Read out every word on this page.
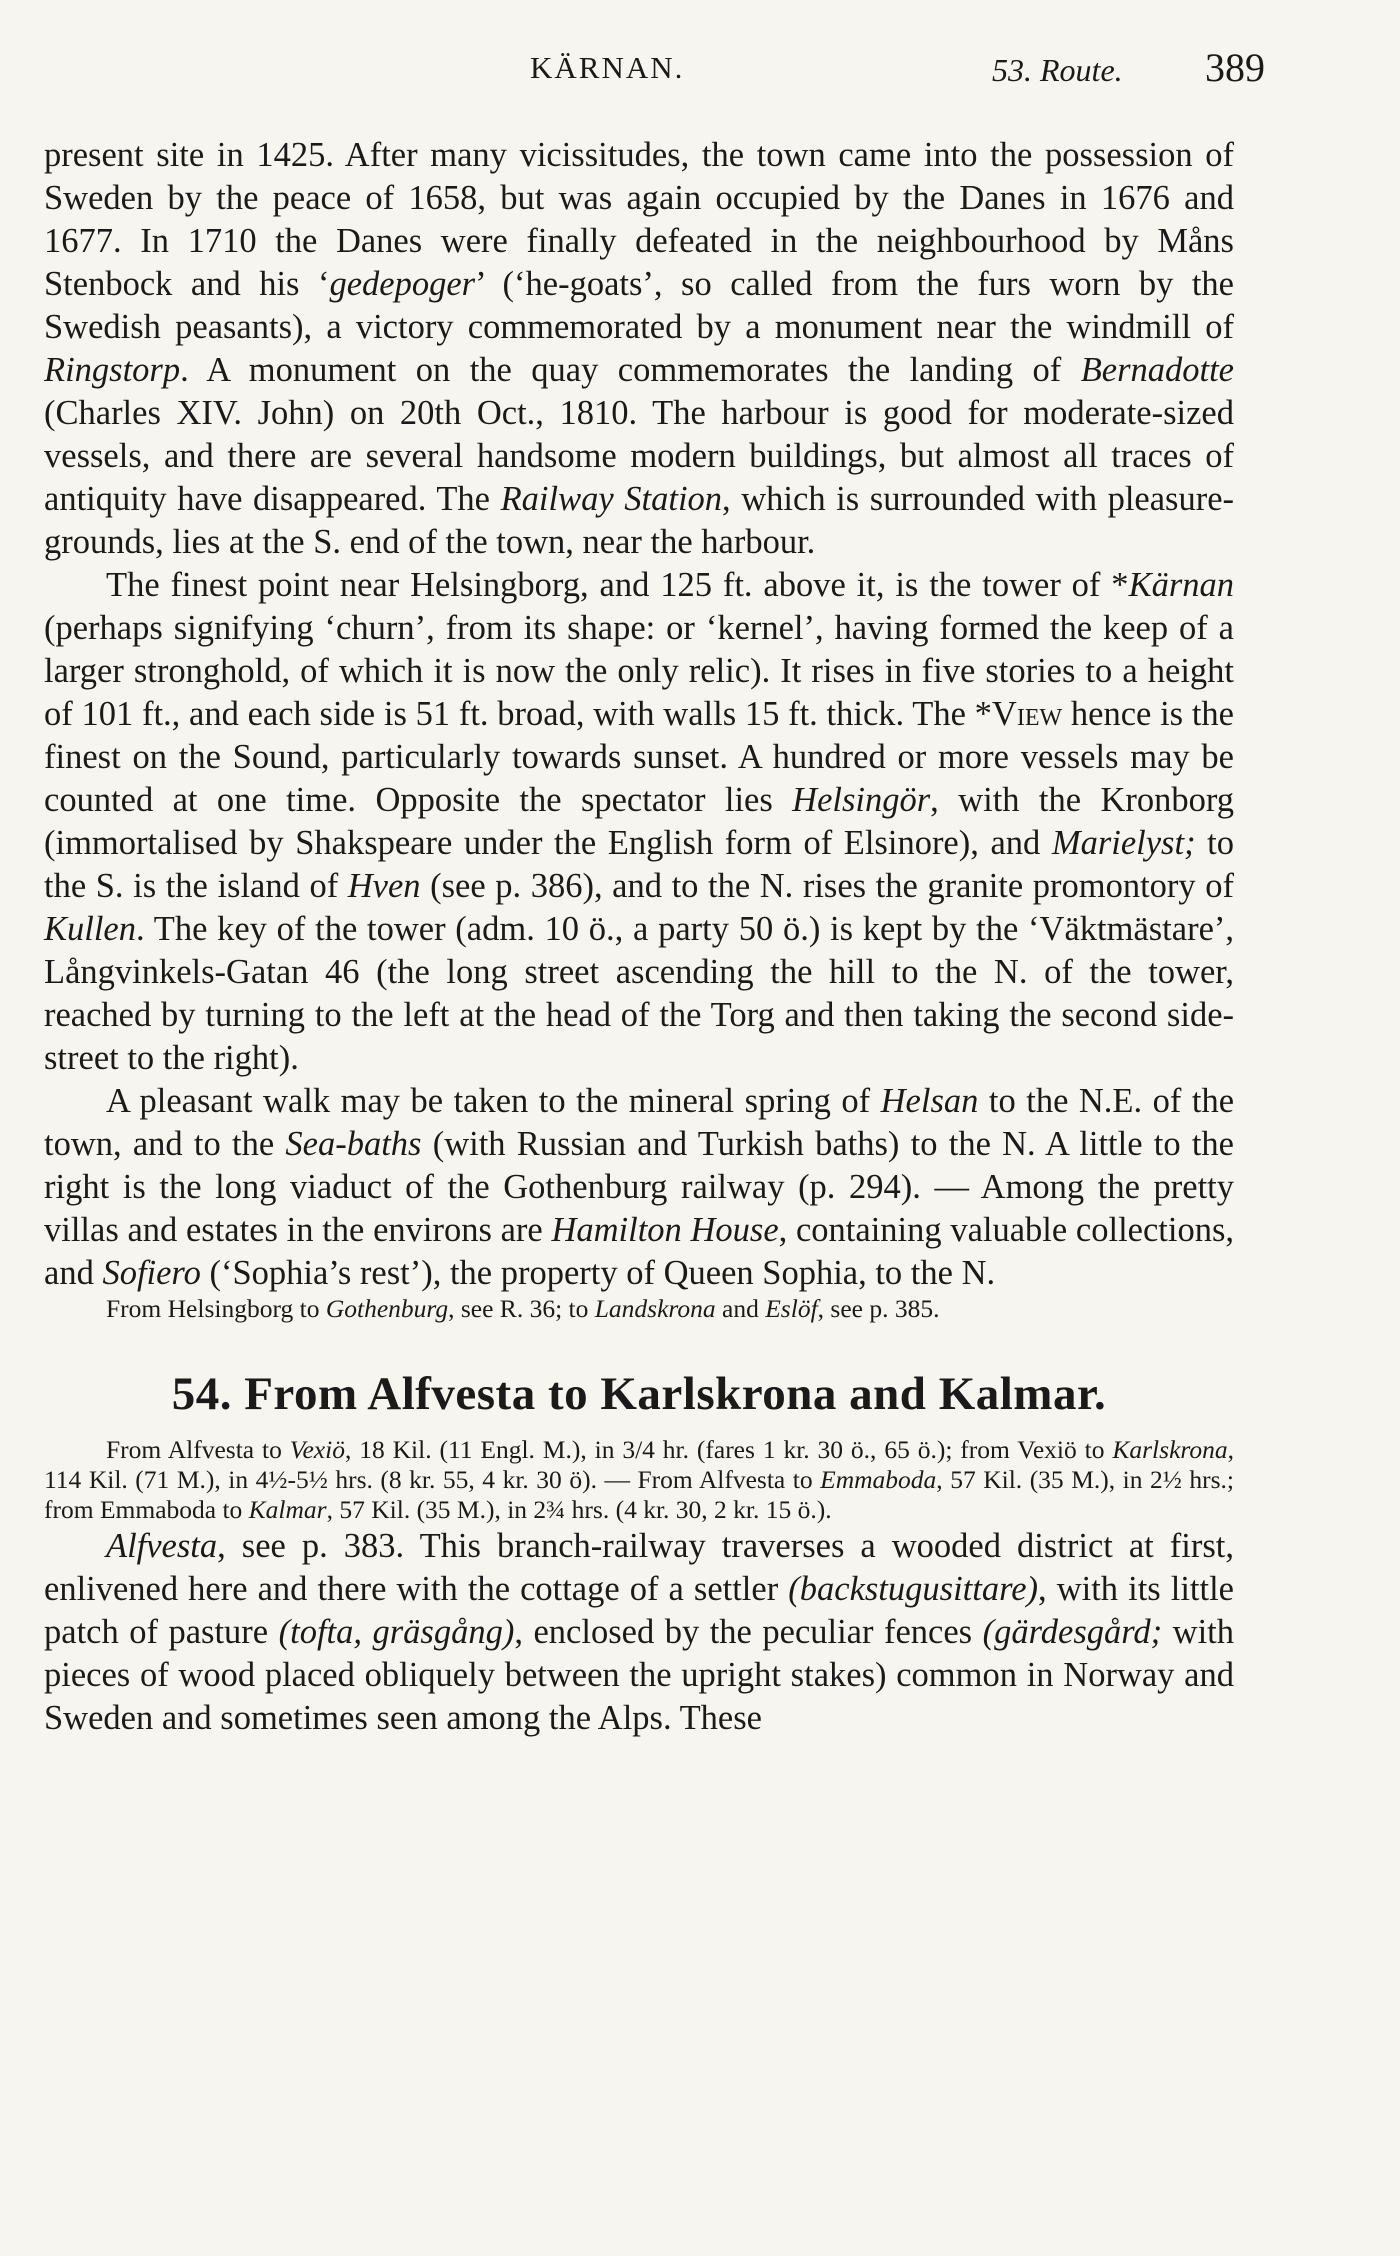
KÄRNAN.	53. Route. 389

present site in 1425. After many vicissitudes, the town came into the possession of Sweden by the peace of 1658, but was again occupied by the Danes in 1676 and 1677. In 1710 the Danes were finally defeated in the neighbourhood by Måns Stenbock and his ‘gedepoger’ (‘he-goats’, so called from the furs worn by the Swedish peasants), a victory commemorated by a monument near the windmill of Ringstorp. A monument on the quay commemorates the landing of Bernadotte (Charles XIV. John) on 20th Oct., 1810. The harbour is good for moderate-sized vessels, and there are several handsome modern buildings, but almost all traces of antiquity have disappeared. The Railway Station, which is surrounded with pleasure-grounds, lies at the S. end of the town, near the harbour.

The finest point near Helsingborg, and 125 ft. above it, is the tower of *Kärnan (perhaps signifying ‘churn’, from its shape: or ‘kernel’, having formed the keep of a larger stronghold, of which it is now the only relic). It rises in five stories to a height of 101 ft., and each side is 51 ft. broad, with walls 15 ft. thick. The *View hence is the finest on the Sound, particularly towards sunset. A hundred or more vessels may be counted at one time. Opposite the spectator lies Helsingör, with the Kronborg (immortalised by Shakspeare under the English form of Elsinore), and Marielyst; to the S. is the island of Hven (see p. 386), and to the N. rises the granite promontory of Kullen. The key of the tower (adm. 10 ö., a party 50 ö.) is kept by the ‘Väktmästare’, Långvinkels-Gatan 46 (the long street ascending the hill to the N. of the tower, reached by turning to the left at the head of the Torg and then taking the second side-street to the right).

A pleasant walk may be taken to the mineral spring of Helsan to the N.E. of the town, and to the Sea-baths (with Russian and Turkish baths) to the N. A little to the right is the long viaduct of the Gothenburg railway (p. 294). — Among the pretty villas and estates in the environs are Hamilton House, containing valuable collections, and Sofiero (‘Sophia’s rest’), the property of Queen Sophia, to the N.

From Helsingborg to Gothenburg, see R. 36; to Landskrona and Eslöf, see p. 385.

54. From Alfvesta to Karlskrona and Kalmar.

From Alfvesta to Vexiö, 18 Kil. (11 Engl. M.), in 3/4 hr. (fares 1 kr. 30 ö., 65 ö.); from Vexiö to Karlskrona, 114 Kil. (71 M.), in 4½-5½ hrs. (8 kr. 55, 4 kr. 30 ö). — From Alfvesta to Emmaboda, 57 Kil. (35 M.), in 2½ hrs.; from Emmaboda to Kalmar, 57 Kil. (35 M.), in 2¾ hrs. (4 kr. 30, 2 kr. 15 ö.).

Alfvesta, see p. 383. This branch-railway traverses a wooded district at first, enlivened here and there with the cottage of a settler (backstugusittare), with its little patch of pasture (tofta, gräsgång), enclosed by the peculiar fences (gärdesgård; with pieces of wood placed obliquely between the upright stakes) common in Norway and Sweden and sometimes seen among the Alps. These
